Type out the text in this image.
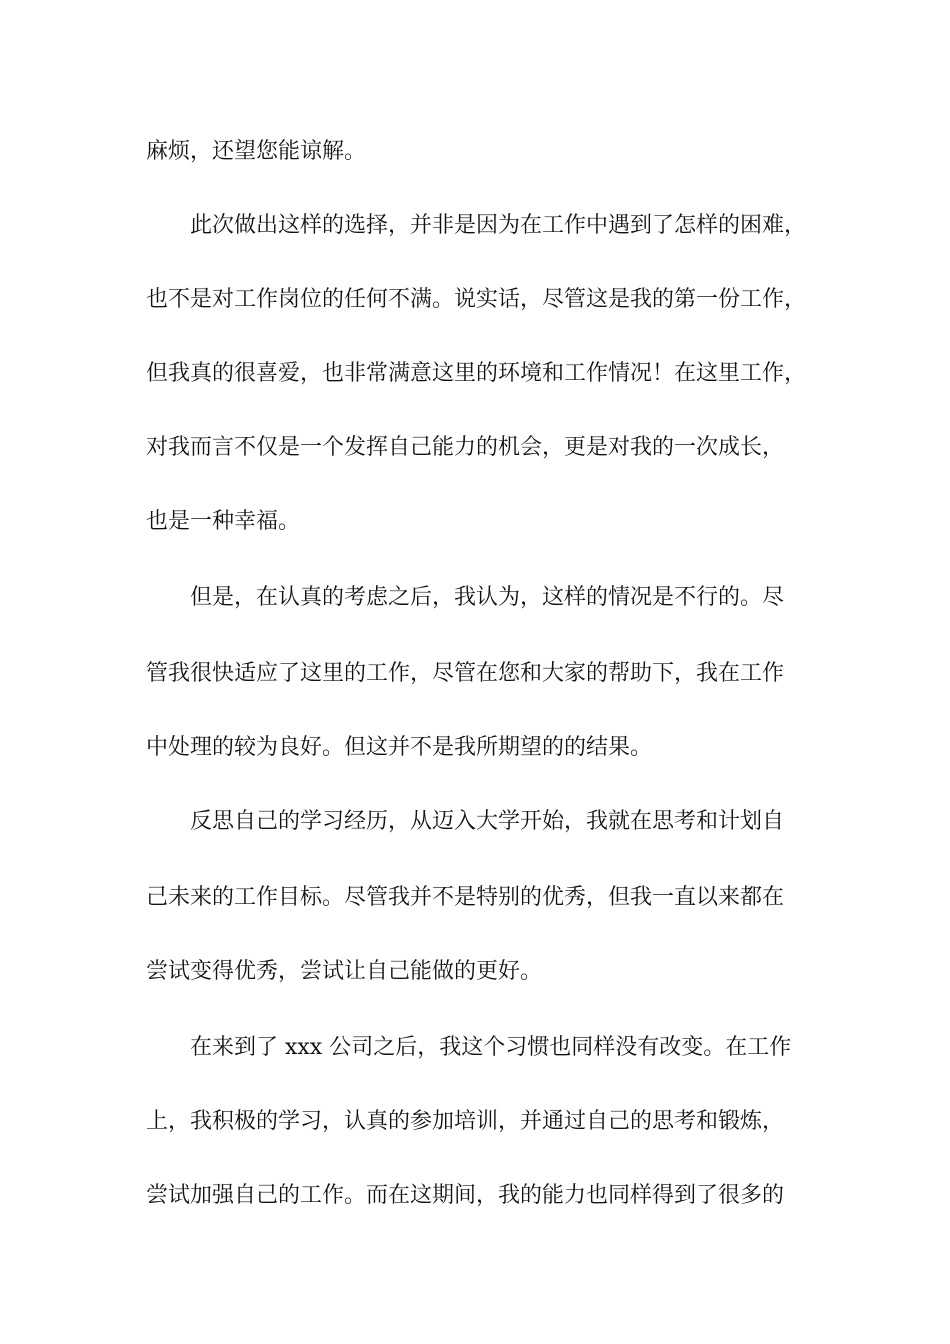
麻烦，还望您能谅解。

此次做出这样的选择，并非是因为在工作中遇到了怎样的困难，

也不是对工作岗位的任何不满。说实话，尽管这是我的第一份工作，

但我真的很喜爱，也非常满意这里的环境和工作情况！在这里工作，

对我而言不仅是一个发挥自己能力的机会，更是对我的一次成长，

也是一种幸福。

但是，在认真的考虑之后，我认为，这样的情况是不行的。尽

管我很快适应了这里的工作，尽管在您和大家的帮助下，我在工作

中处理的较为良好。但这并不是我所期望的的结果。

反思自己的学习经历，从迈入大学开始，我就在思考和计划自

己未来的工作目标。尽管我并不是特别的优秀，但我一直以来都在

尝试变得优秀，尝试让自己能做的更好。

在来到了 xxx 公司之后，我这个习惯也同样没有改变。在工作

上，我积极的学习，认真的参加培训，并通过自己的思考和锻炼，

尝试加强自己的工作。而在这期间，我的能力也同样得到了很多的
